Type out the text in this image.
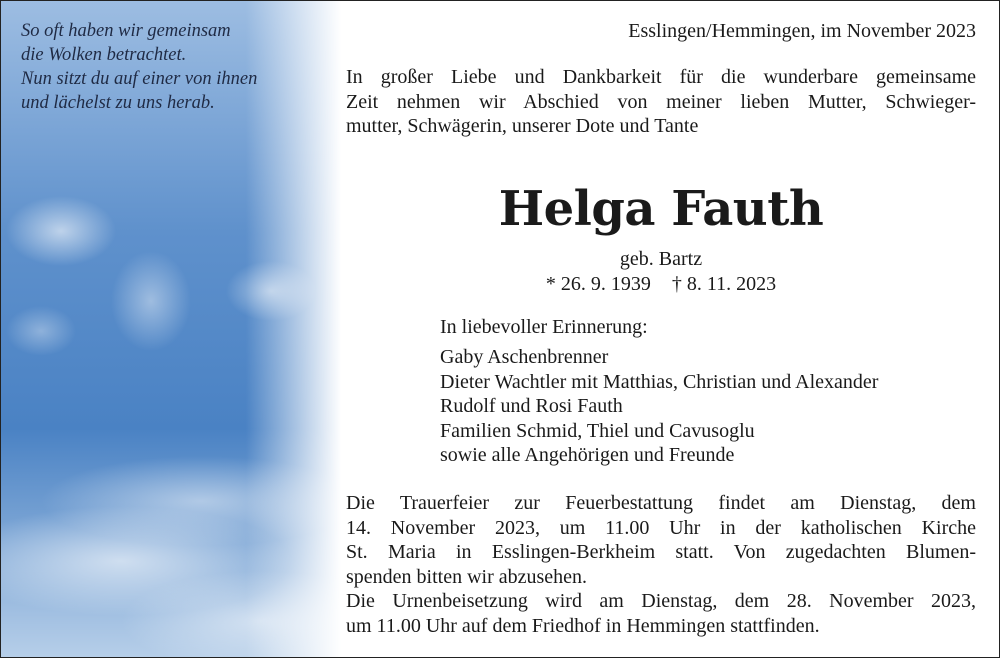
So oft haben wir gemeinsam
die Wolken betrachtet.
Nun sitzt du auf einer von ihnen
und lächelst zu uns herab.
Esslingen/Hemmingen, im November 2023
In großer Liebe und Dankbarkeit für die wunderbare gemeinsame
Zeit nehmen wir Abschied von meiner lieben Mutter, Schwieger-
mutter, Schwägerin, unserer Dote und Tante
Helga Fauth
geb. Bartz
* 26. 9. 1939 † 8. 11. 2023
In liebevoller Erinnerung:
Gaby Aschenbrenner
Dieter Wachtler mit Matthias, Christian und Alexander
Rudolf und Rosi Fauth
Familien Schmid, Thiel und Cavusoglu
sowie alle Angehörigen und Freunde
Die Trauerfeier zur Feuerbestattung findet am Dienstag, dem
14. November 2023, um 11.00 Uhr in der katholischen Kirche
St. Maria in Esslingen-Berkheim statt. Von zugedachten Blumen-
spenden bitten wir abzusehen.
Die Urnenbeisetzung wird am Dienstag, dem 28. November 2023,
um 11.00 Uhr auf dem Friedhof in Hemmingen stattfinden.
